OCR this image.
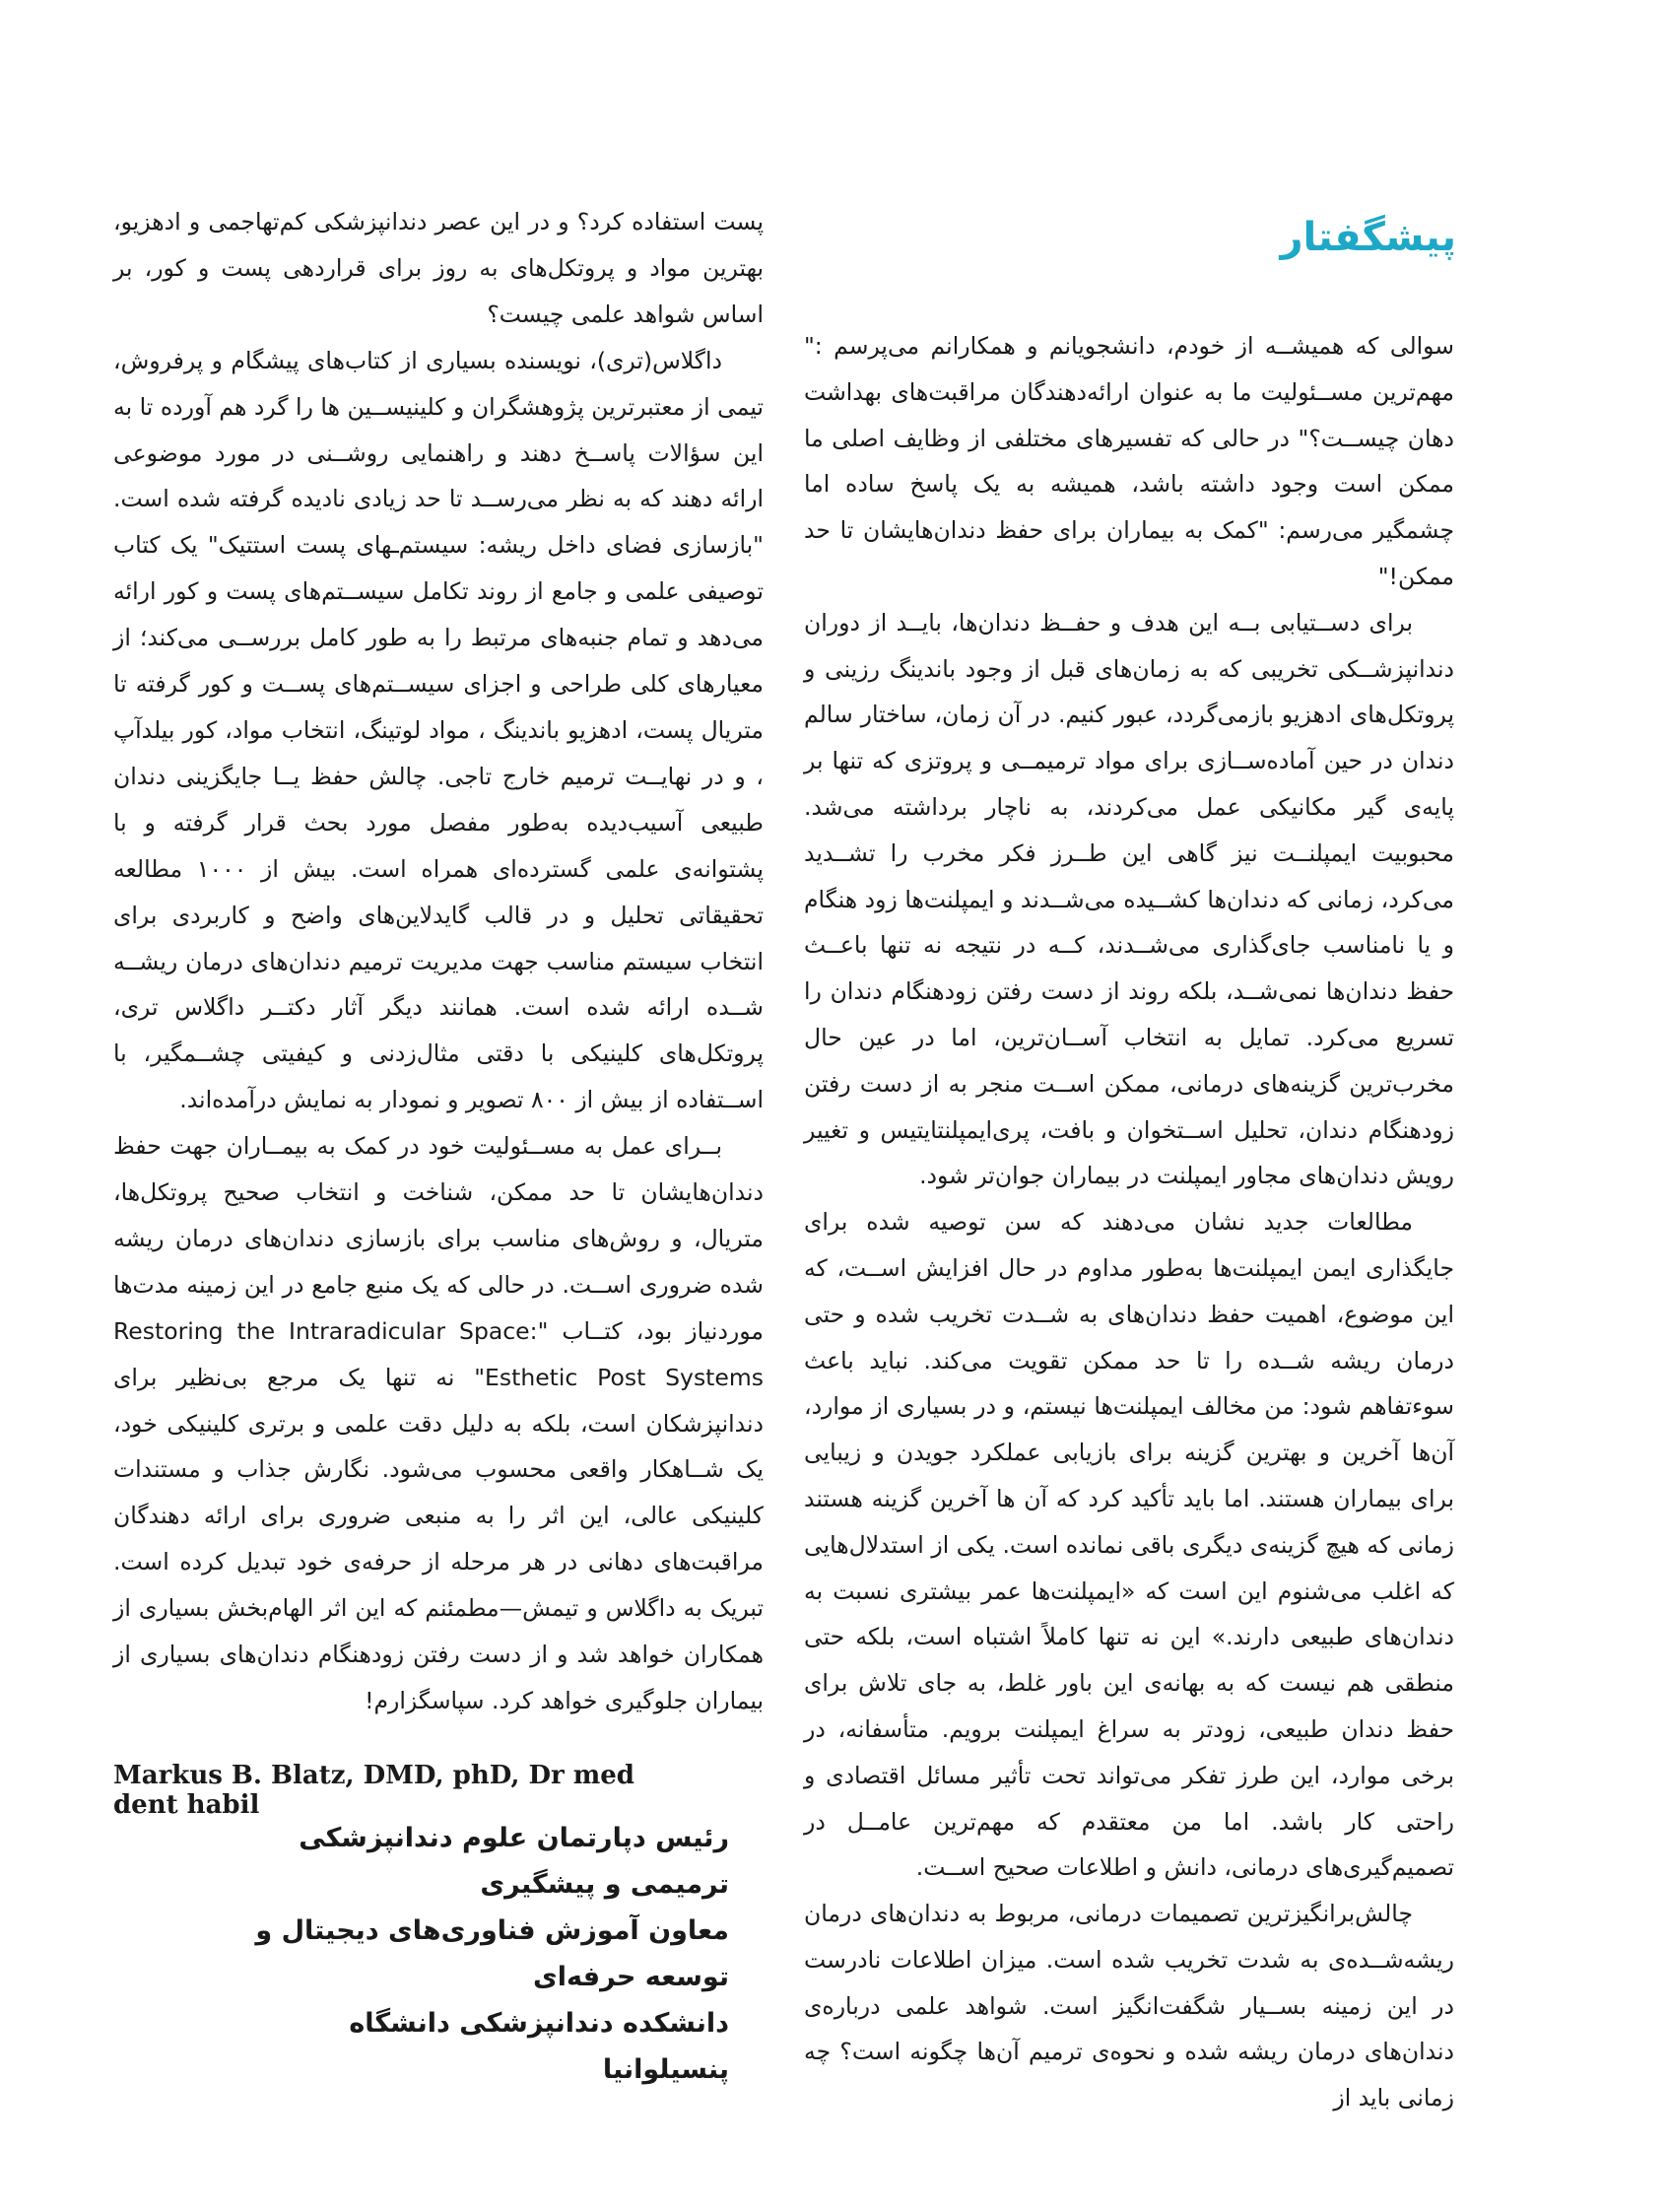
پیشگفتار

سوالی که همیشــه از خودم، دانشجویانم و همکارانم می‌پرسم :" مهم‌ترین مســئولیت ما به عنوان ارائه‌دهندگان مراقبت‌های بهداشت دهان چیســت؟" در حالی که تفسیرهای مختلفی از وظایف اصلی ما ممکن است وجود داشته باشد، همیشه به یک پاسخ ساده اما چشمگیر می‌رسم: "کمک به بیماران برای حفظ دندان‌هایشان تا حد ممکن!"

برای دســتیابی بــه این هدف و حفــظ دندان‌ها، بایــد از دوران دندانپزشــکی تخریبی که به زمان‌های قبل از وجود باندینگ رزینی و پروتکل‌های ادهزیو بازمی‌گردد، عبور کنیم. در آن زمان، ساختار سالم دندان در حین آماده‌ســازی برای مواد ترمیمــی و پروتزی که تنها بر پایه‌ی گیر مکانیکی عمل می‌کردند، به ناچار برداشته می‌شد. محبوبیت ایمپلنــت نیز گاهی این طــرز فکر مخرب را تشــدید می‌کرد، زمانی که دندان‌ها کشــیده می‌شــدند و ایمپلنت‌ها زود هنگام و یا نامناسب جای‌گذاری می‌شــدند، کــه در نتیجه نه تنها باعــث حفظ دندان‌ها نمی‌شــد، بلکه روند از دست رفتن زودهنگام دندان را تسریع می‌کرد. تمایل به انتخاب آســان‌ترین، اما در عین حال مخرب‌ترین گزینه‌های درمانی، ممکن اســت منجر به از دست رفتن زودهنگام دندان، تحلیل اســتخوان و بافت، پری‌ایمپلنتایتیس و تغییر رویش دندان‌های مجاور ایمپلنت در بیماران جوان‌تر شود.

مطالعات جدید نشان می‌دهند که سن توصیه شده برای جایگذاری ایمن ایمپلنت‌ها به‌طور مداوم در حال افزایش اســت، که این موضوع، اهمیت حفظ دندان‌های به شــدت تخریب شده و حتی درمان ریشه شــده را تا حد ممکن تقویت می‌کند. نباید باعث سوءتفاهم شود: من مخالف ایمپلنت‌ها نیستم، و در بسیاری از موارد، آن‌ها آخرین و بهترین گزینه برای بازیابی عملکرد جویدن و زیبایی برای بیماران هستند. اما باید تأکید کرد که آن ها آخرین گزینه هستند زمانی که هیچ گزینه‌ی دیگری باقی نمانده است. یکی از استدلال‌هایی که اغلب می‌شنوم این است که «ایمپلنت‌ها عمر بیشتری نسبت به دندان‌های طبیعی دارند.» این نه تنها کاملاً اشتباه است، بلکه حتی منطقی هم نیست که به بهانه‌ی این باور غلط، به جای تلاش برای حفظ دندان طبیعی، زودتر به سراغ ایمپلنت برویم. متأسفانه، در برخی موارد، این طرز تفکر می‌تواند تحت تأثیر مسائل اقتصادی و راحتی کار باشد. اما من معتقدم که مهم‌ترین عامــل در تصمیم‌گیری‌های درمانی، دانش و اطلاعات صحیح اســت.

چالش‌برانگیزترین تصمیمات درمانی، مربوط به دندان‌های درمان ریشه‌شــده‌ی به شدت تخریب شده است. میزان اطلاعات نادرست در این زمینه بســیار شگفت‌انگیز است. شواهد علمی درباره‌ی دندان‌های درمان ریشه شده و نحوه‌ی ترمیم آن‌ها چگونه است؟ چه زمانی باید از

پست استفاده کرد؟ و در این عصر دندانپزشکی کم‌تهاجمی و ادهزیو، بهترین مواد و پروتکل‌های به روز برای قراردهی پست و کور، بر اساس شواهد علمی چیست؟

داگلاس(تری)، نویسنده بسیاری از کتاب‌های پیشگام و پرفروش، تیمی از معتبرترین پژوهشگران و کلینیســین ها را گرد هم آورده تا به این سؤالات پاســخ دهند و راهنمایی روشــنی در مورد موضوعی ارائه دهند که به نظر می‌رســد تا حد زیادی نادیده گرفته شده است. "بازسازی فضای داخل ریشه: سیستم‌ـهای پست استتیک" یک کتاب توصیفی علمی و جامع از روند تکامل سیســتم‌های پست و کور ارائه می‌دهد و تمام جنبه‌های مرتبط را به طور کامل بررســی می‌کند؛ از معیارهای کلی طراحی و اجزای سیســتم‌های پســت و کور گرفته تا متریال پست، ادهزیو باندینگ ، مواد لوتینگ، انتخاب مواد، کور بیلدآپ ، و در نهایــت ترمیم خارج تاجی. چالش حفظ یــا جایگزینی دندان طبیعی آسیب‌دیده به‌طور مفصل مورد بحث قرار گرفته و با پشتوانه‌ی علمی گسترده‌ای همراه است. بیش از ۱۰۰۰ مطالعه تحقیقاتی تحلیل و در قالب گایدلاین‌های واضح و کاربردی برای انتخاب سیستم مناسب جهت مدیریت ترمیم دندان‌های درمان ریشــه شــده ارائه شده است. همانند دیگر آثار دکتــر داگلاس تری، پروتکل‌های کلینیکی با دقتی مثال‌زدنی و کیفیتی چشــمگیر، با اســتفاده از بیش از ۸۰۰ تصویر و نمودار به نمایش درآمده‌اند.

بــرای عمل به مســئولیت خود در کمک به بیمــاران جهت حفظ دندان‌هایشان تا حد ممکن، شناخت و انتخاب صحیح پروتکل‌ها، متریال، و روش‌های مناسب برای بازسازی دندان‌های درمان ریشه شده ضروری اســت. در حالی که یک منبع جامع در این زمینه مدت‌ها موردنیاز بود، کتــاب "Restoring the Intraradicular Space: Esthetic Post Systems" نه تنها یک مرجع بی‌نظیر برای دندانپزشکان است، بلکه به دلیل دقت علمی و برتری کلینیکی خود، یک شــاهکار واقعی محسوب می‌شود. نگارش جذاب و مستندات کلینیکی عالی، این اثر را به منبعی ضروری برای ارائه دهندگان مراقبت‌های دهانی در هر مرحله از حرفه‌ی خود تبدیل کرده است. تبریک به داگلاس و تیمش—مطمئنم که این اثر الهام‌بخش بسیاری از همکاران خواهد شد و از دست رفتن زودهنگام دندان‌های بسیاری از بیماران جلوگیری خواهد کرد. سپاسگزارم!

Markus B. Blatz, DMD, phD, Dr med dent habil
رئیس دپارتمان علوم دندانپزشکی ترمیمی و پیشگیری
معاون آموزش فناوری‌های دیجیتال و توسعه حرفه‌ای
دانشکده دندانپزشکی دانشگاه پنسیلوانیا
